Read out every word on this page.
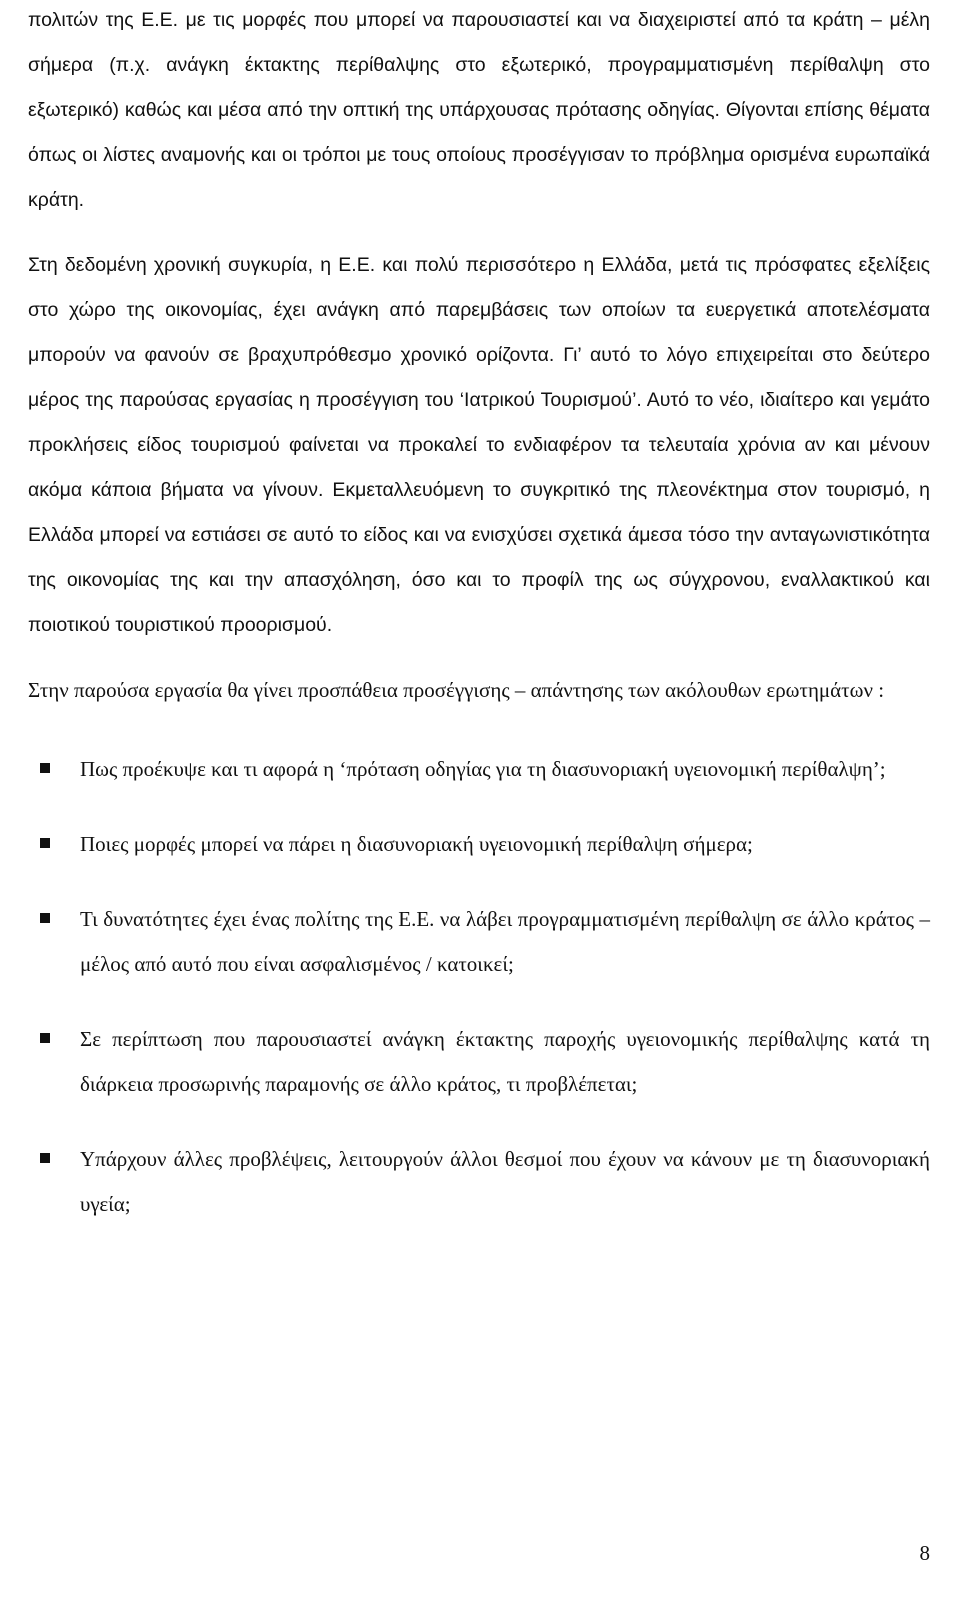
πολιτών της Ε.Ε. με τις μορφές που μπορεί να παρουσιαστεί και να διαχειριστεί από τα κράτη – μέλη σήμερα (π.χ. ανάγκη έκτακτης περίθαλψης στο εξωτερικό, προγραμματισμένη περίθαλψη στο εξωτερικό) καθώς και μέσα από την οπτική της υπάρχουσας πρότασης οδηγίας. Θίγονται επίσης θέματα όπως οι λίστες αναμονής και οι τρόποι με τους οποίους προσέγγισαν το πρόβλημα ορισμένα ευρωπαϊκά κράτη.

Στη δεδομένη χρονική συγκυρία, η Ε.Ε. και πολύ περισσότερο η Ελλάδα, μετά τις πρόσφατες εξελίξεις στο χώρο της οικονομίας, έχει ανάγκη από παρεμβάσεις των οποίων τα ευεργετικά αποτελέσματα μπορούν να φανούν σε βραχυπρόθεσμο χρονικό ορίζοντα. Γι’ αυτό το λόγο επιχειρείται στο δεύτερο μέρος της παρούσας εργασίας η προσέγγιση του ‘Ιατρικού Τουρισμού’. Αυτό το νέο, ιδιαίτερο και γεμάτο προκλήσεις είδος τουρισμού φαίνεται να προκαλεί το ενδιαφέρον τα τελευταία χρόνια αν και μένουν ακόμα κάποια βήματα να γίνουν. Εκμεταλλευόμενη το συγκριτικό της πλεονέκτημα στον τουρισμό, η Ελλάδα μπορεί να εστιάσει σε αυτό το είδος και να ενισχύσει σχετικά άμεσα τόσο την ανταγωνιστικότητα της οικονομίας της και την απασχόληση, όσο και το προφίλ της ως σύγχρονου, εναλλακτικού και ποιοτικού τουριστικού προορισμού.

Στην παρούσα εργασία θα γίνει προσπάθεια προσέγγισης – απάντησης των ακόλουθων ερωτημάτων :

Πως προέκυψε και τι αφορά η ‘πρόταση οδηγίας για τη διασυνοριακή υγειονομική περίθαλψη’;
Ποιες μορφές μπορεί να πάρει η διασυνοριακή υγειονομική περίθαλψη σήμερα;
Τι δυνατότητες έχει ένας πολίτης της Ε.Ε. να λάβει προγραμματισμένη περίθαλψη σε άλλο κράτος – μέλος από αυτό που είναι ασφαλισμένος / κατοικεί;
Σε περίπτωση που παρουσιαστεί ανάγκη έκτακτης παροχής υγειονομικής περίθαλψης κατά τη διάρκεια προσωρινής παραμονής σε άλλο κράτος, τι προβλέπεται;
Υπάρχουν άλλες προβλέψεις, λειτουργούν άλλοι θεσμοί που έχουν να κάνουν με τη διασυνοριακή υγεία;
8
